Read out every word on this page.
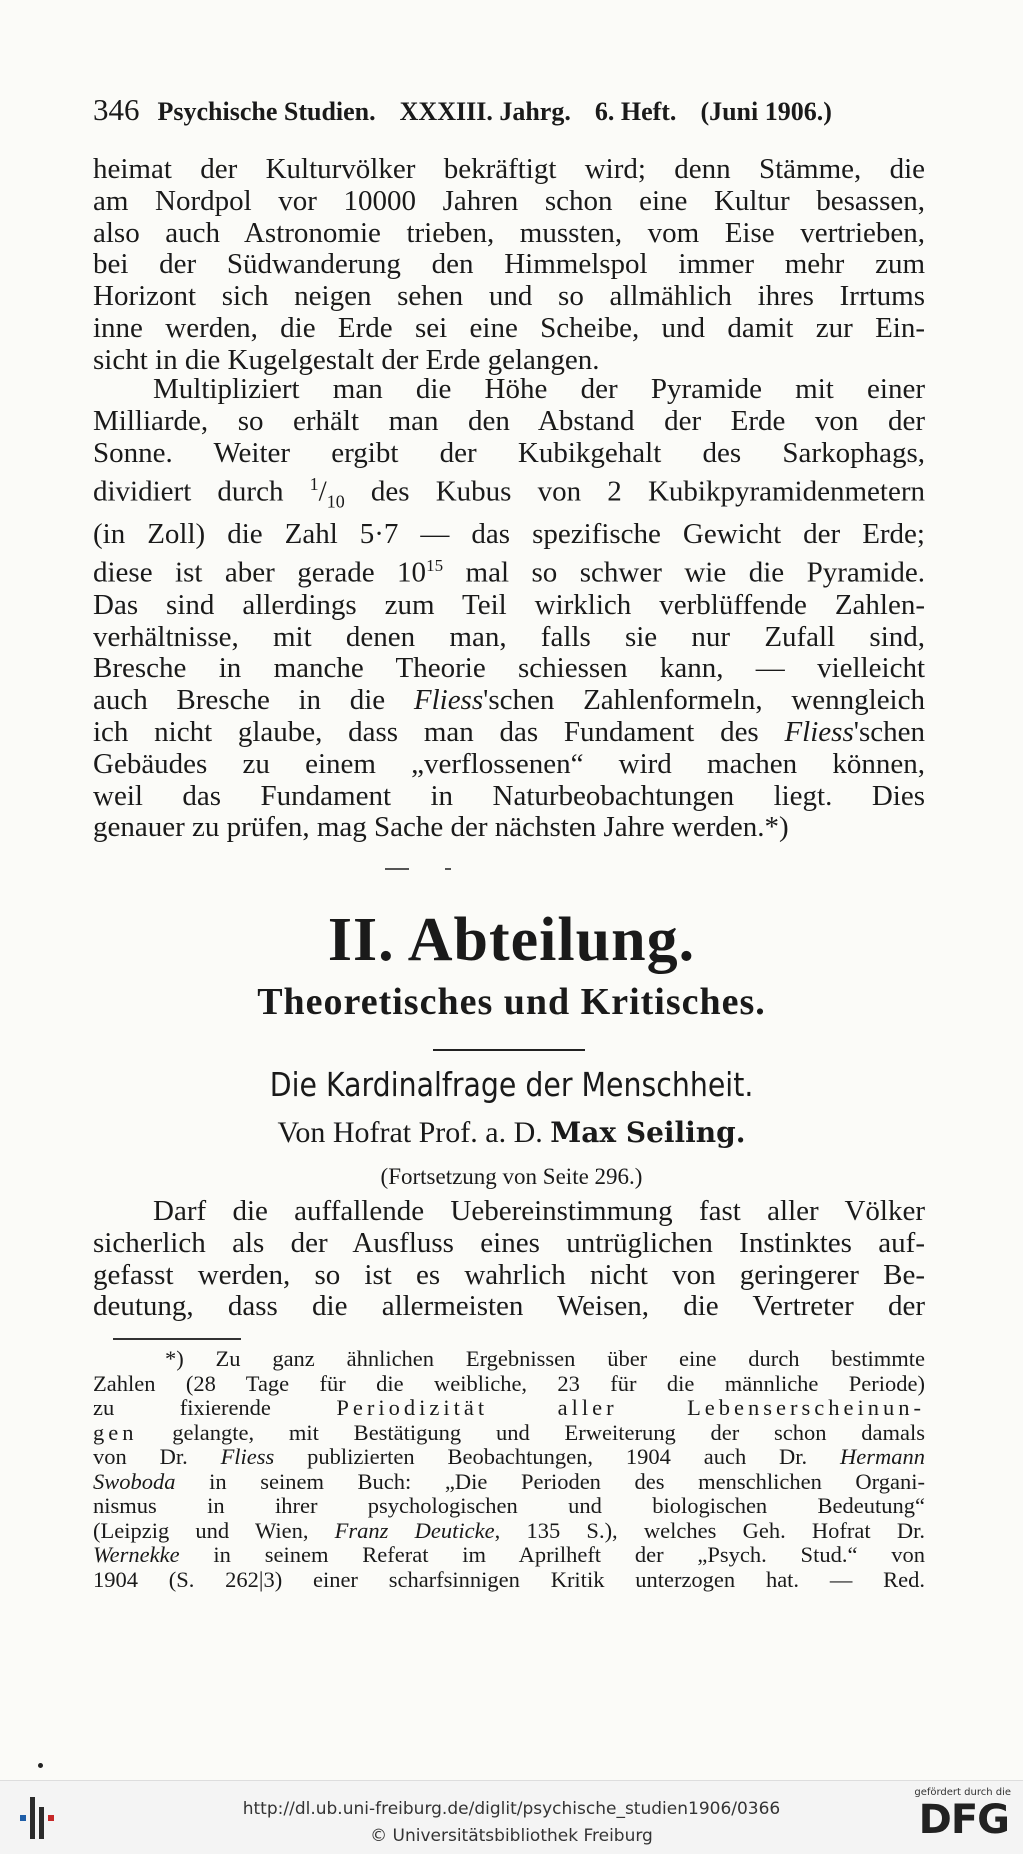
346 Psychische Studien. XXXIII. Jahrg. 6. Heft. (Juni 1906.)
heimat der Kulturvölker bekräftigt wird; denn Stämme, die
am Nordpol vor 10000 Jahren schon eine Kultur besassen,
also auch Astronomie trieben, mussten, vom Eise vertrieben,
bei der Südwanderung den Himmelspol immer mehr zum
Horizont sich neigen sehen und so allmählich ihres Irrtums
inne werden, die Erde sei eine Scheibe, und damit zur Ein-
sicht in die Kugelgestalt der Erde gelangen.
Multipliziert man die Höhe der Pyramide mit einer
Milliarde, so erhält man den Abstand der Erde von der
Sonne. Weiter ergibt der Kubikgehalt des Sarkophags,
dividiert durch $^1/_{10}$ des Kubus von 2 Kubikpyramidenmetern
(in Zoll) die Zahl 5·7 — das spezifische Gewicht der Erde;
diese ist aber gerade $10^{15}$ mal so schwer wie die Pyramide.
Das sind allerdings zum Teil wirklich verblüffende Zahlen-
verhältnisse, mit denen man, falls sie nur Zufall sind,
Bresche in manche Theorie schiessen kann, — vielleicht
auch Bresche in die Fliess'schen Zahlenformeln, wenngleich
ich nicht glaube, dass man das Fundament des Fliess'schen
Gebäudes zu einem „verflossenen“ wird machen können,
weil das Fundament in Naturbeobachtungen liegt. Dies
genauer zu prüfen, mag Sache der nächsten Jahre werden.*)
II. Abteilung.
Theoretisches und Kritisches.
Die Kardinalfrage der Menschheit.
Von Hofrat Prof. a. D. Max Seiling.
(Fortsetzung von Seite 296.)
Darf die auffallende Uebereinstimmung fast aller Völker
sicherlich als der Ausfluss eines untrüglichen Instinktes auf-
gefasst werden, so ist es wahrlich nicht von geringerer Be-
deutung, dass die allermeisten Weisen, die Vertreter der
*) Zu ganz ähnlichen Ergebnissen über eine durch bestimmte
Zahlen (28 Tage für die weibliche, 23 für die männliche Periode)
zu fixierende Periodizität aller Lebenserscheinun-
gen gelangte, mit Bestätigung und Erweiterung der schon damals
von Dr. Fliess publizierten Beobachtungen, 1904 auch Dr. Hermann
Swoboda in seinem Buch: „Die Perioden des menschlichen Organi-
nismus in ihrer psychologischen und biologischen Bedeutung“
(Leipzig und Wien, Franz Deuticke, 135 S.), welches Geh. Hofrat Dr.
Wernekke in seinem Referat im Aprilheft der „Psych. Stud.“ von
1904 (S. 262|3) einer scharfsinnigen Kritik unterzogen hat. — Red.
http://dl.ub.uni-freiburg.de/diglit/psychische_studien1906/0366
© Universitätsbibliothek Freiburg
gefördert durch die
DFG
